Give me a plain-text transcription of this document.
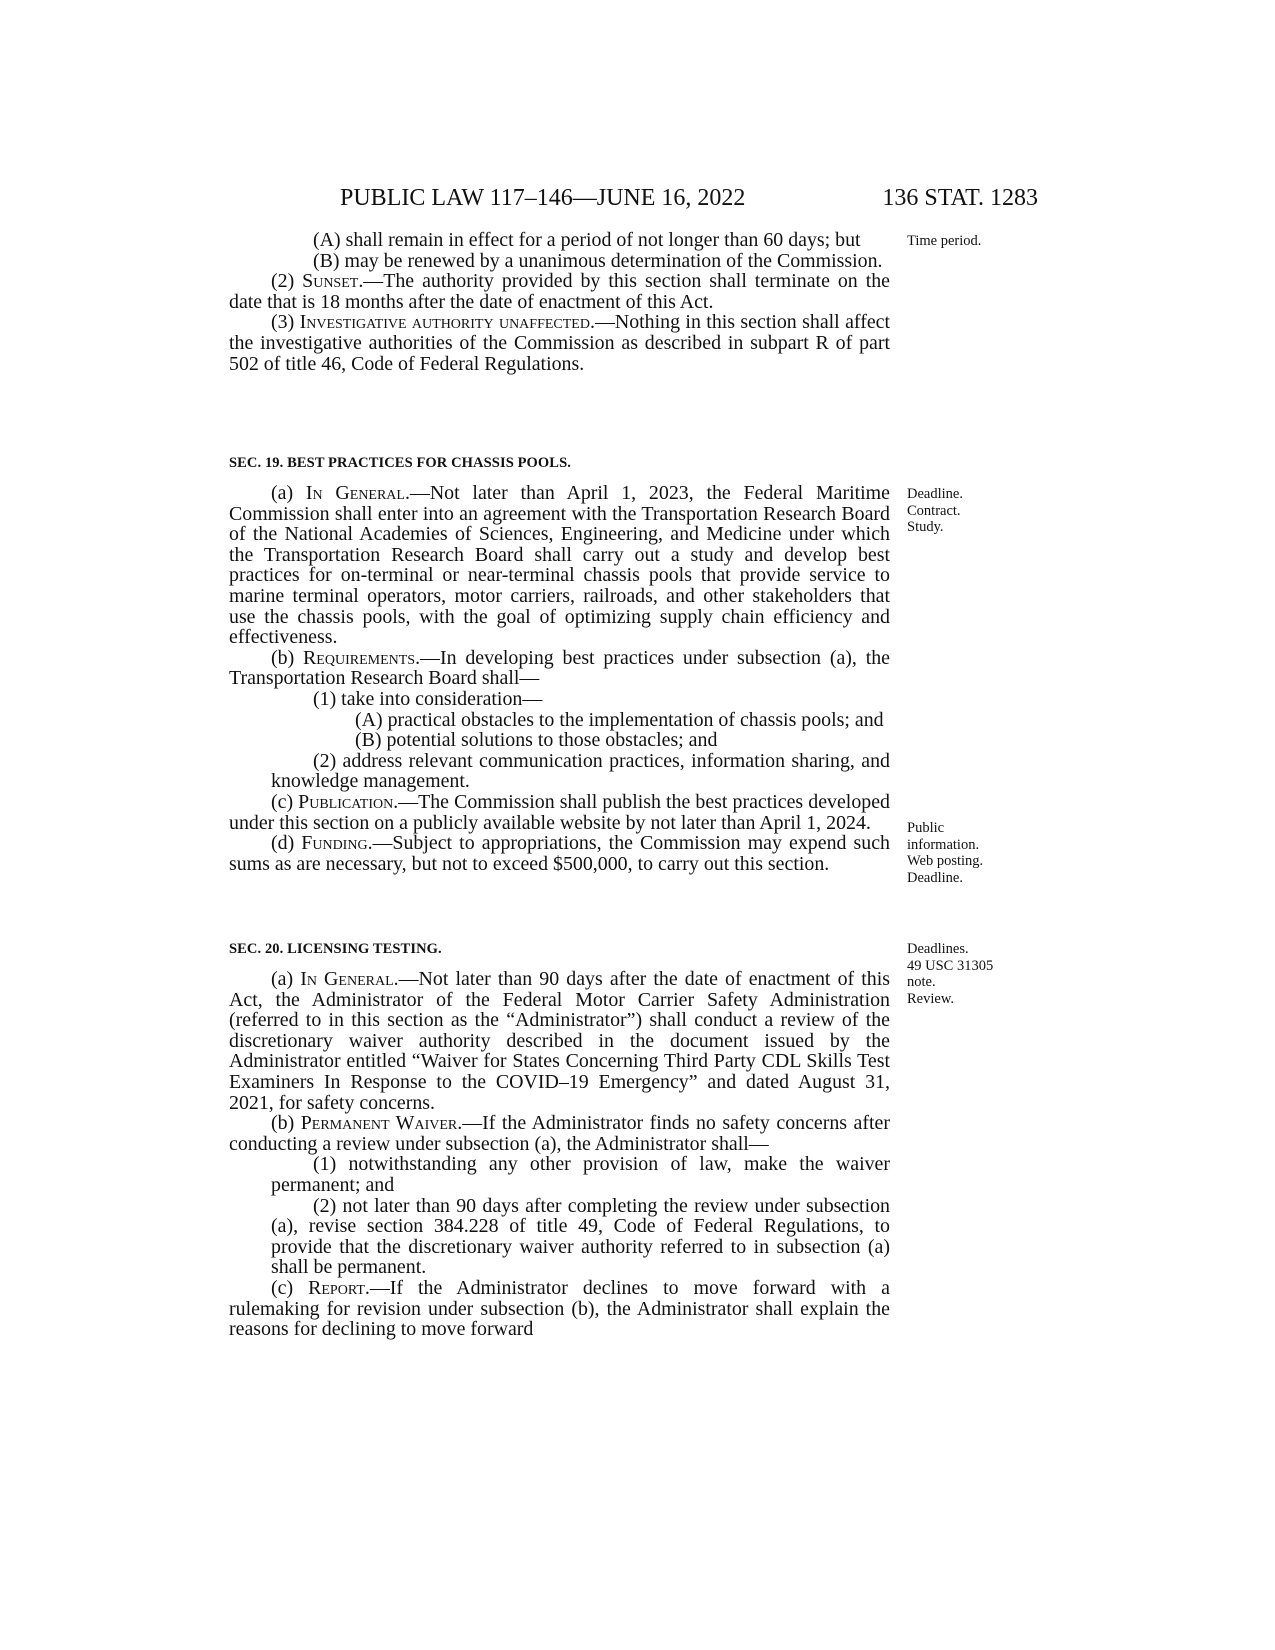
PUBLIC LAW 117–146—JUNE 16, 2022	136 STAT. 1283

Time period.

Deadline.
Contract.
Study.
Public
information.
Web posting.
Deadline.
Deadlines.
49 USC 31305
note.
Review.

(A) shall remain in effect for a period of not longer than 60 days; but

(B) may be renewed by a unanimous determination of the Commission.

(2) Sunset.—The authority provided by this section shall terminate on the date that is 18 months after the date of enactment of this Act.

(3) Investigative authority unaffected.—Nothing in this section shall affect the investigative authorities of the Commission as described in subpart R of part 502 of title 46, Code of Federal Regulations.

SEC. 19. BEST PRACTICES FOR CHASSIS POOLS.

(a) In General.—Not later than April 1, 2023, the Federal Maritime Commission shall enter into an agreement with the Transportation Research Board of the National Academies of Sciences, Engineering, and Medicine under which the Transportation Research Board shall carry out a study and develop best practices for on-terminal or near-terminal chassis pools that provide service to marine terminal operators, motor carriers, railroads, and other stakeholders that use the chassis pools, with the goal of optimizing supply chain efficiency and effectiveness.

(b) Requirements.—In developing best practices under subsection (a), the Transportation Research Board shall—

(1) take into consideration—

(A) practical obstacles to the implementation of chassis pools; and

(B) potential solutions to those obstacles; and

(2) address relevant communication practices, information sharing, and knowledge management.

(c) Publication.—The Commission shall publish the best practices developed under this section on a publicly available website by not later than April 1, 2024.

(d) Funding.—Subject to appropriations, the Commission may expend such sums as are necessary, but not to exceed $500,000, to carry out this section.

SEC. 20. LICENSING TESTING.

(a) In General.—Not later than 90 days after the date of enactment of this Act, the Administrator of the Federal Motor Carrier Safety Administration (referred to in this section as the “Administrator”) shall conduct a review of the discretionary waiver authority described in the document issued by the Administrator entitled “Waiver for States Concerning Third Party CDL Skills Test Examiners In Response to the COVID–19 Emergency” and dated August 31, 2021, for safety concerns.

(b) Permanent Waiver.—If the Administrator finds no safety concerns after conducting a review under subsection (a), the Administrator shall—

(1) notwithstanding any other provision of law, make the waiver permanent; and

(2) not later than 90 days after completing the review under subsection (a), revise section 384.228 of title 49, Code of Federal Regulations, to provide that the discretionary waiver authority referred to in subsection (a) shall be permanent.

(c) Report.—If the Administrator declines to move forward with a rulemaking for revision under subsection (b), the Administrator shall explain the reasons for declining to move forward
